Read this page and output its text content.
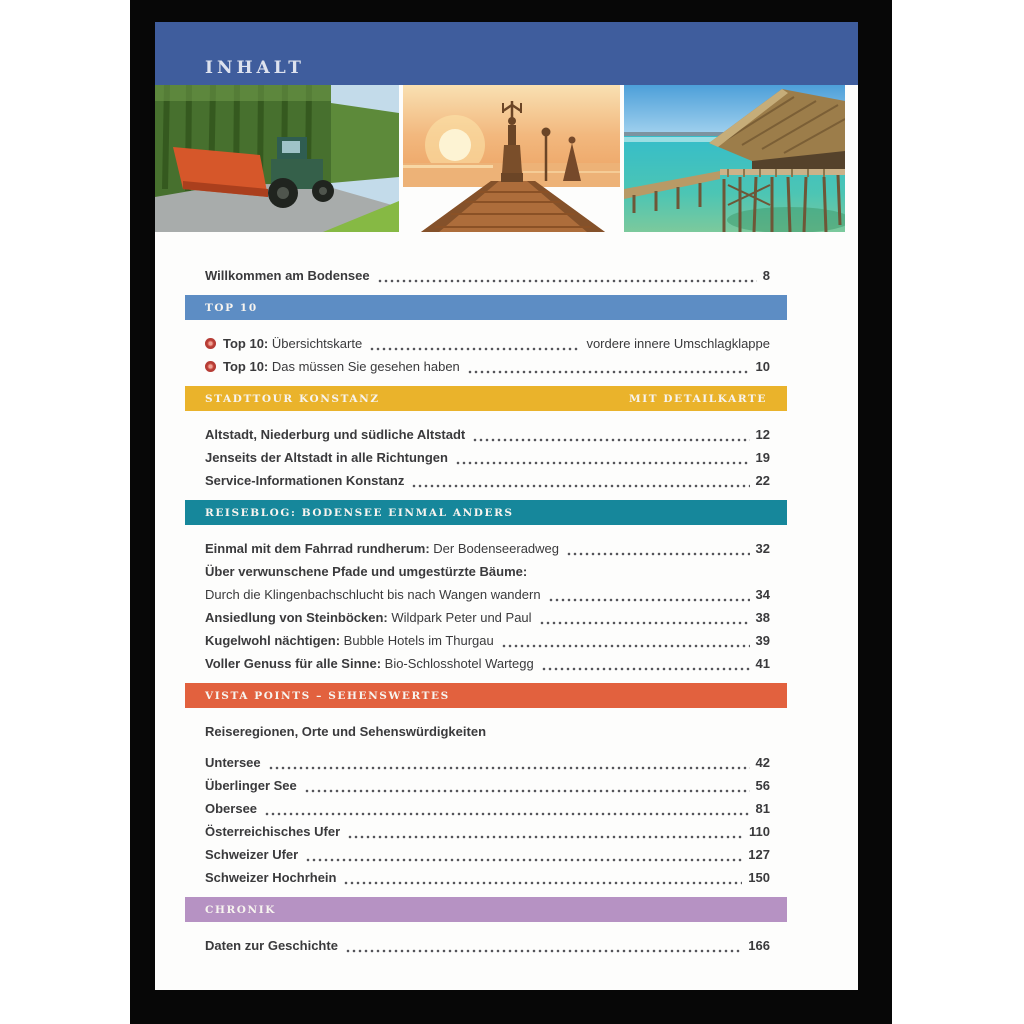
INHALT
Willkommen am Bodensee	8
TOP 10
Top 10: Übersichtskarte	vordere innere Umschlagklappe
Top 10: Das müssen Sie gesehen haben	10
STADTTOUR KONSTANZ	MIT DETAILKARTE
Altstadt, Niederburg und südliche Altstadt	12
Jenseits der Altstadt in alle Richtungen	19
Service-Informationen Konstanz	22
REISEBLOG: BODENSEE EINMAL ANDERS
Einmal mit dem Fahrrad rundherum: Der Bodenseeradweg	32
Über verwunschene Pfade und umgestürzte Bäume:
Durch die Klingenbachschlucht bis nach Wangen wandern	34
Ansiedlung von Steinböcken: Wildpark Peter und Paul	38
Kugelwohl nächtigen: Bubble Hotels im Thurgau	39
Voller Genuss für alle Sinne: Bio-Schlosshotel Wartegg	41
VISTA POINTS – SEHENSWERTES
Reiseregionen, Orte und Sehenswürdigkeiten
Untersee	42
Überlinger See	56
Obersee	81
Österreichisches Ufer	110
Schweizer Ufer	127
Schweizer Hochrhein	150
CHRONIK
Daten zur Geschichte	166
